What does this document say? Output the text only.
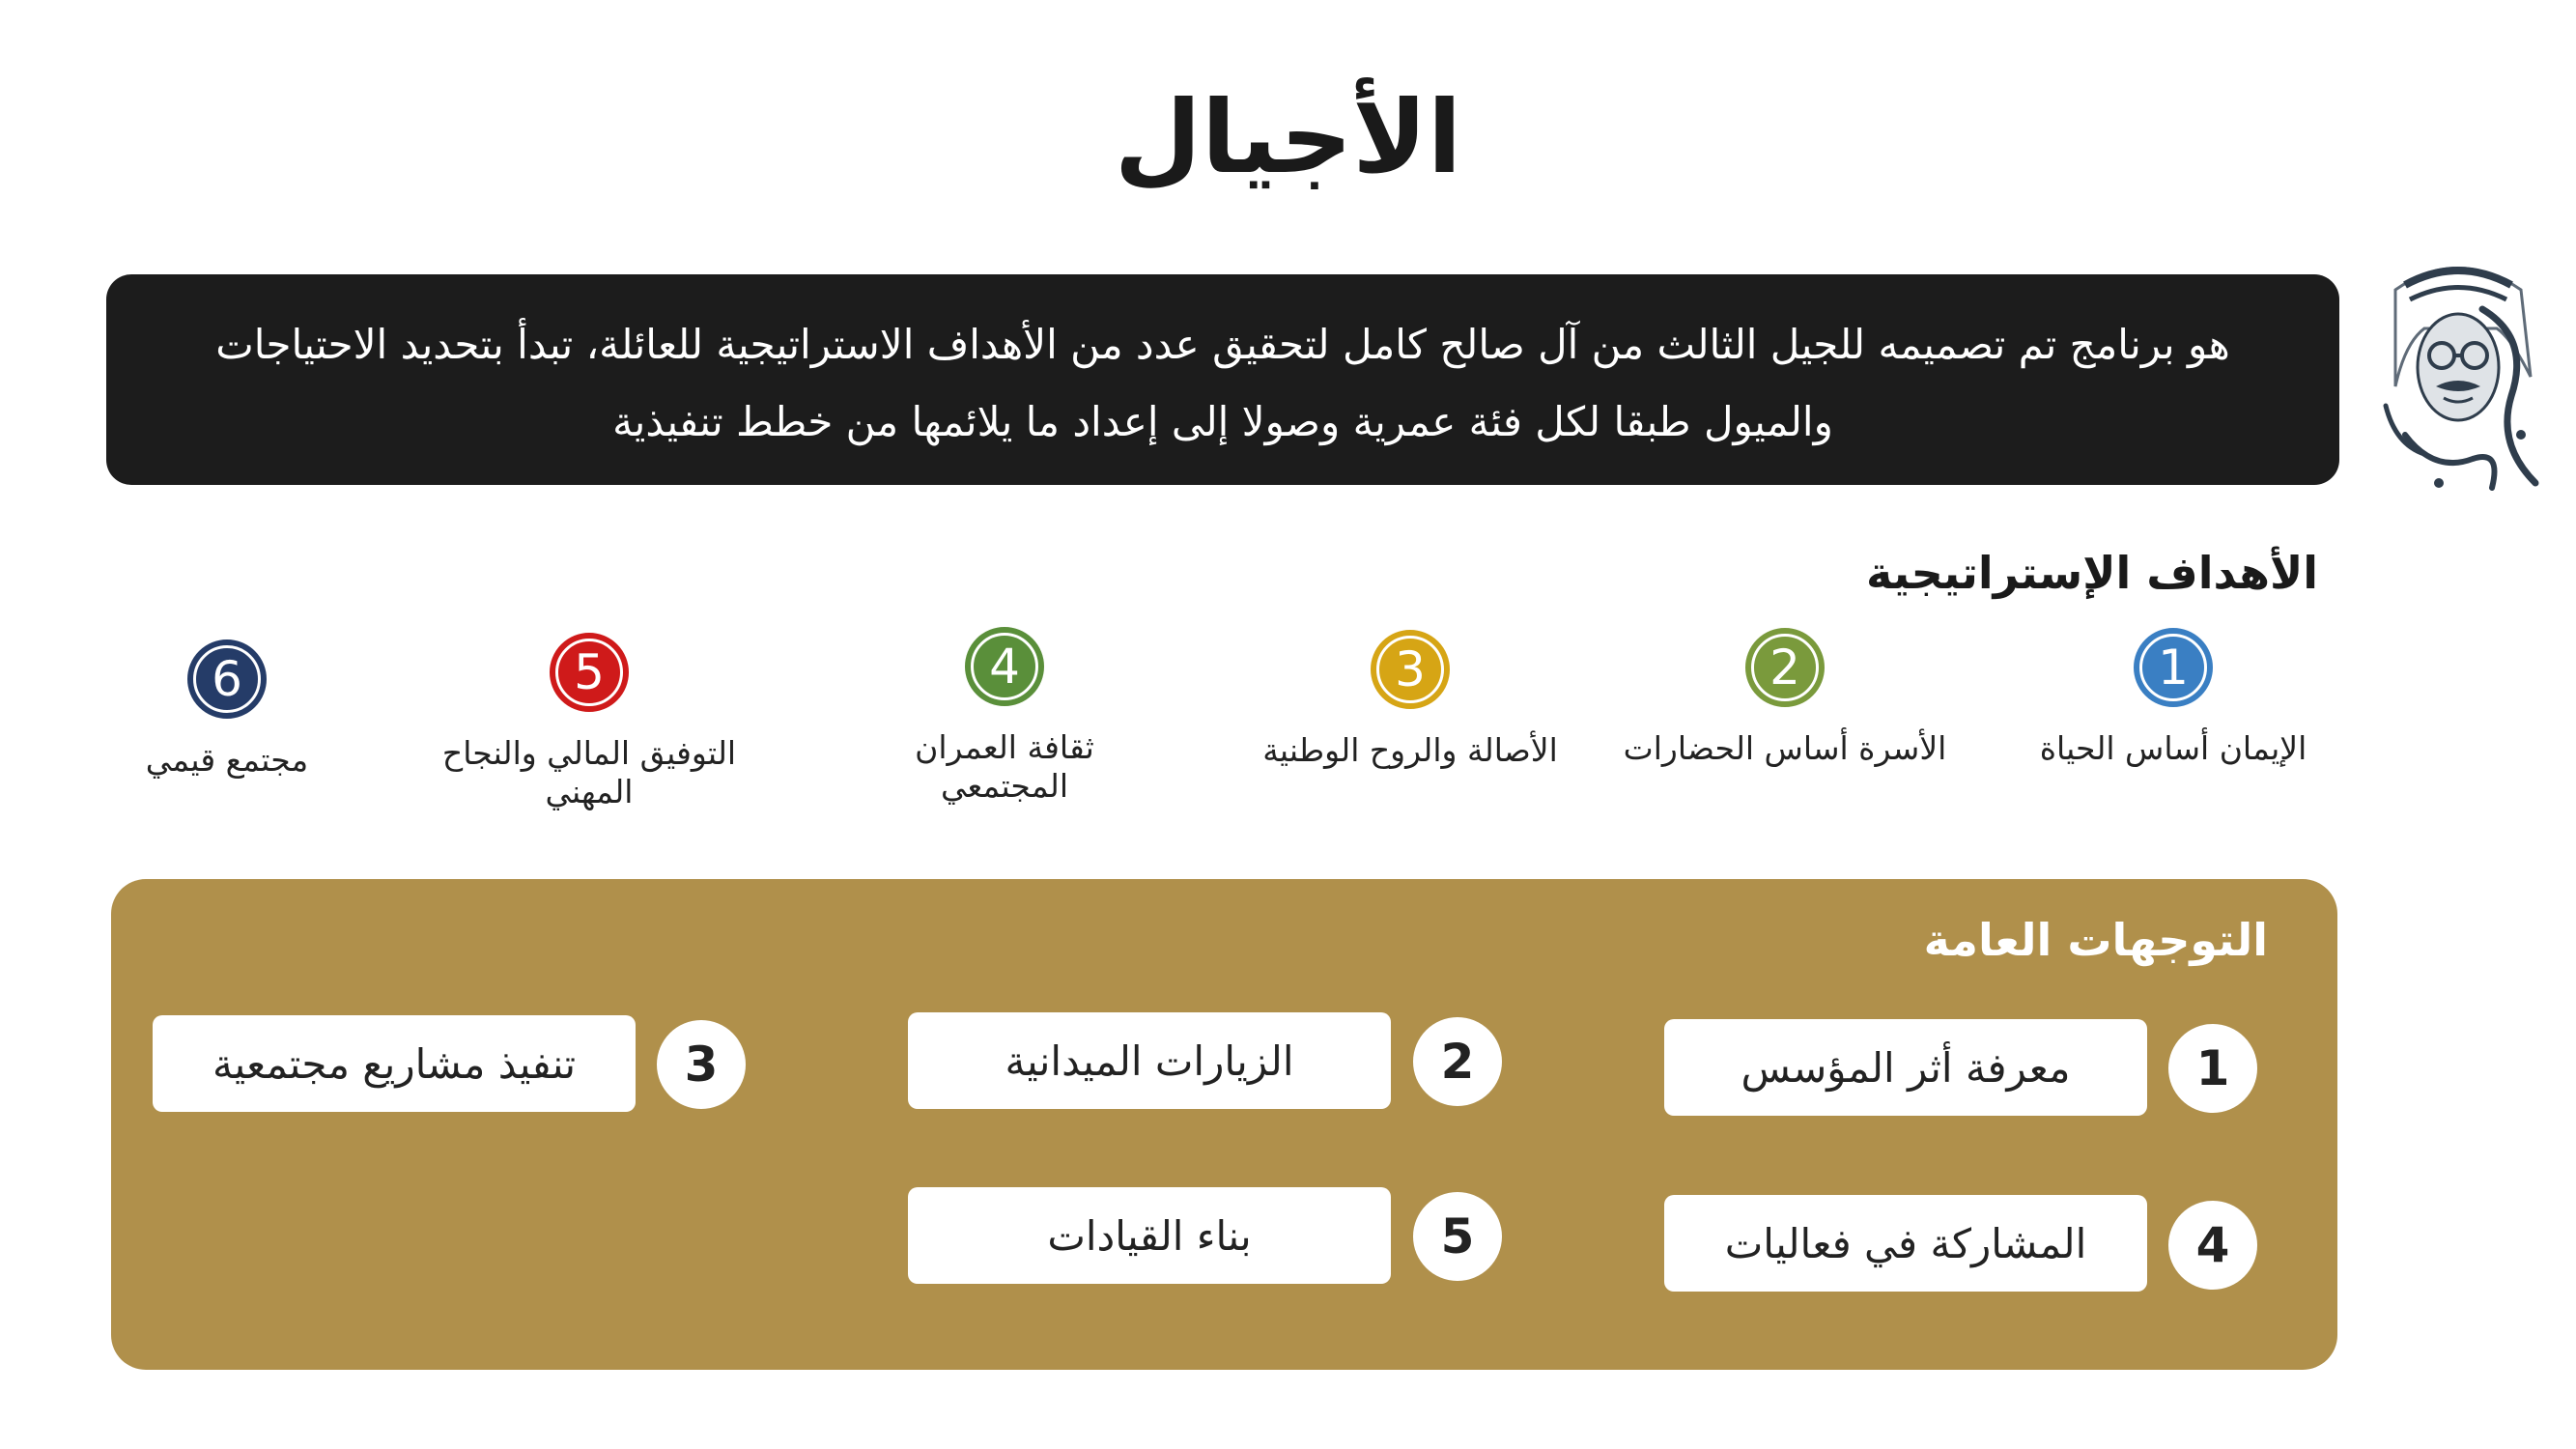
الأجيال
هو برنامج تم تصميمه للجيل الثالث من آل صالح كامل لتحقيق عدد من الأهداف الاستراتيجية للعائلة، تبدأ بتحديد الاحتياجات
والميول طبقا لكل فئة عمرية وصولا إلى إعداد ما يلائمها من خطط تنفيذية
الأهداف الإستراتيجية
1
الإيمان أساس الحياة
2
الأسرة أساس الحضارات
3
الأصالة والروح الوطنية
4
ثقافة العمران المجتمعي
5
التوفيق المالي والنجاح المهني
6
مجتمع قيمي
التوجهات العامة
1
معرفة أثر المؤسس
2
الزيارات الميدانية
3
تنفيذ مشاريع مجتمعية
4
المشاركة في فعاليات
5
بناء القيادات
